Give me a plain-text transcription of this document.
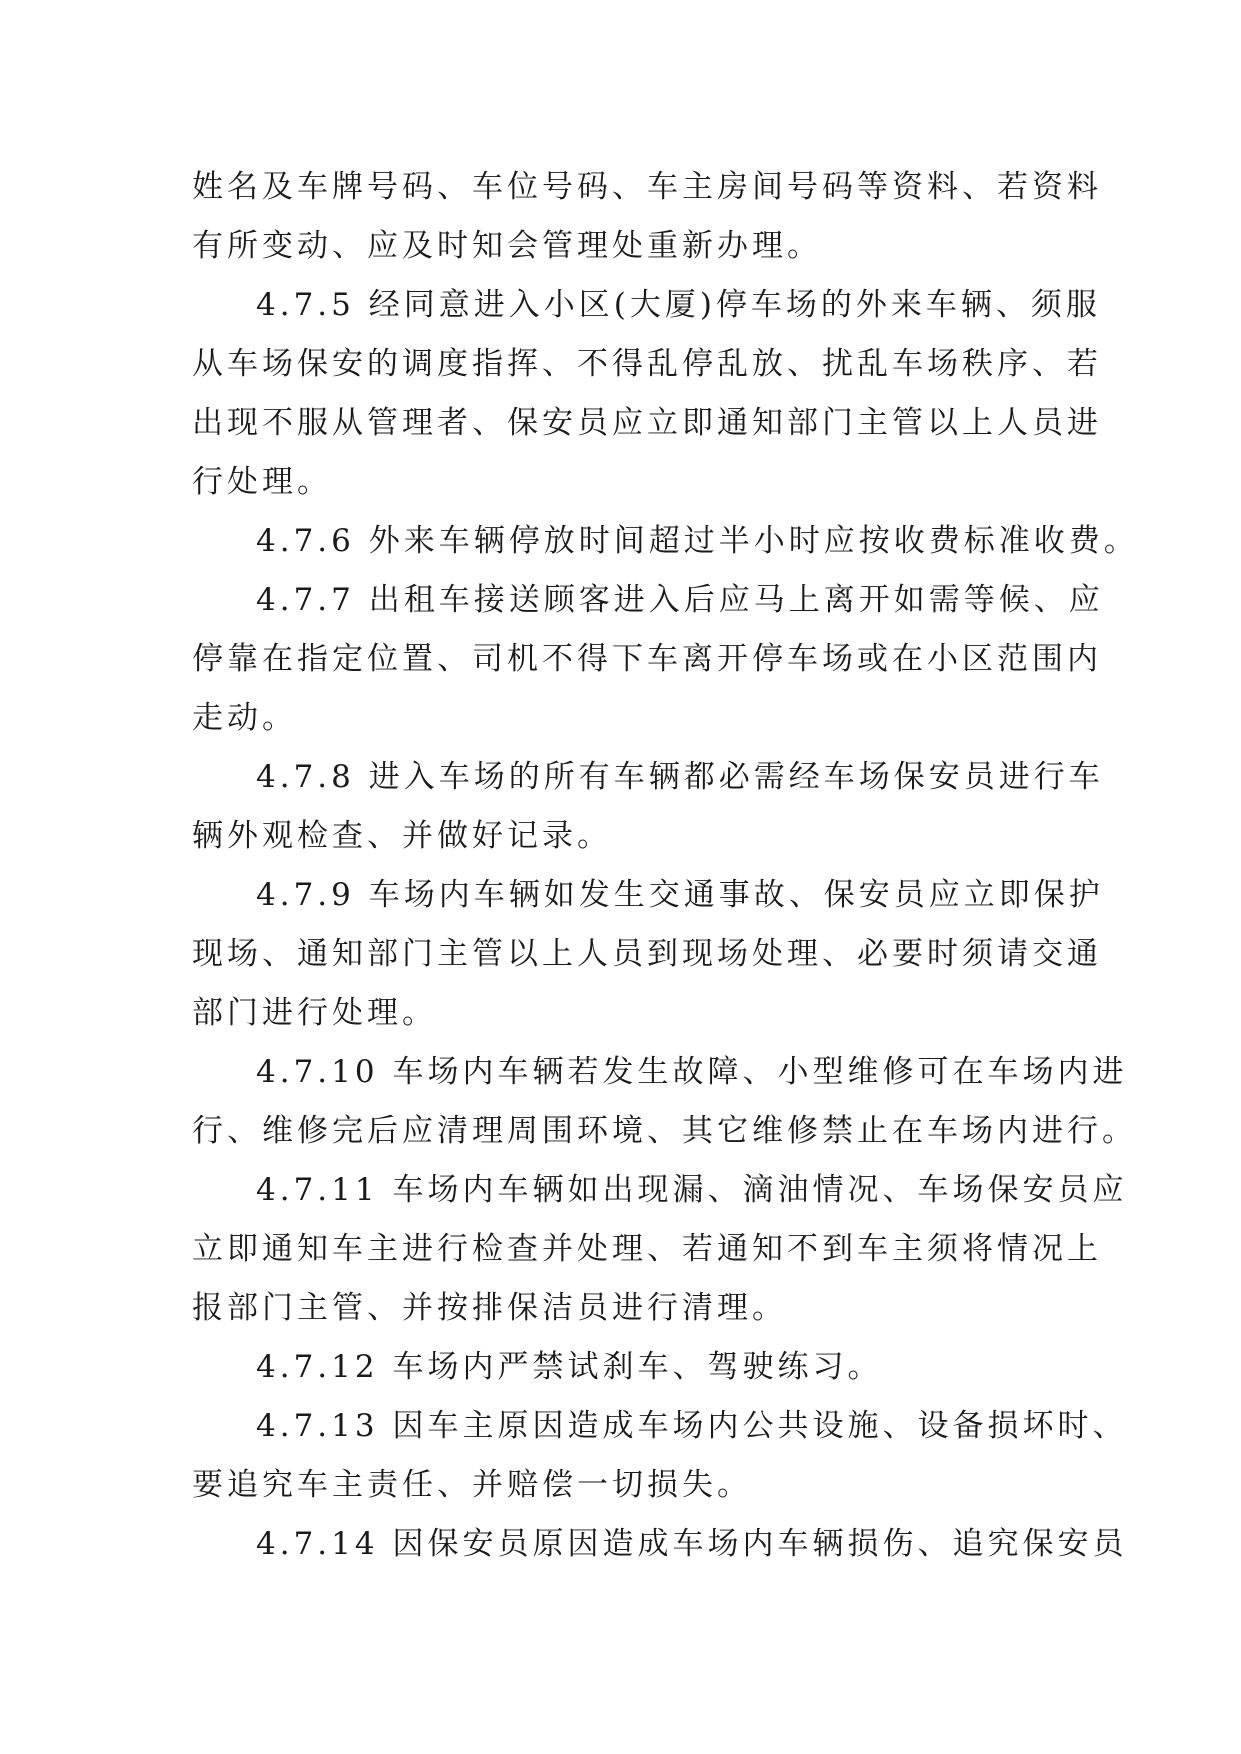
姓名及车牌号码、车位号码、车主房间号码等资料、若资料
有所变动、应及时知会管理处重新办理。

4.7.5 经同意进入小区(大厦)停车场的外来车辆、须服
从车场保安的调度指挥、不得乱停乱放、扰乱车场秩序、若
出现不服从管理者、保安员应立即通知部门主管以上人员进
行处理。

4.7.6 外来车辆停放时间超过半小时应按收费标准收费。

4.7.7 出租车接送顾客进入后应马上离开如需等候、应
停靠在指定位置、司机不得下车离开停车场或在小区范围内
走动。

4.7.8 进入车场的所有车辆都必需经车场保安员进行车
辆外观检查、并做好记录。

4.7.9 车场内车辆如发生交通事故、保安员应立即保护
现场、通知部门主管以上人员到现场处理、必要时须请交通
部门进行处理。

4.7.10 车场内车辆若发生故障、小型维修可在车场内进
行、维修完后应清理周围环境、其它维修禁止在车场内进行。

4.7.11 车场内车辆如出现漏、滴油情况、车场保安员应
立即通知车主进行检查并处理、若通知不到车主须将情况上
报部门主管、并按排保洁员进行清理。

4.7.12 车场内严禁试刹车、驾驶练习。

4.7.13 因车主原因造成车场内公共设施、设备损坏时、
要追究车主责任、并赔偿一切损失。

4.7.14 因保安员原因造成车场内车辆损伤、追究保安员
